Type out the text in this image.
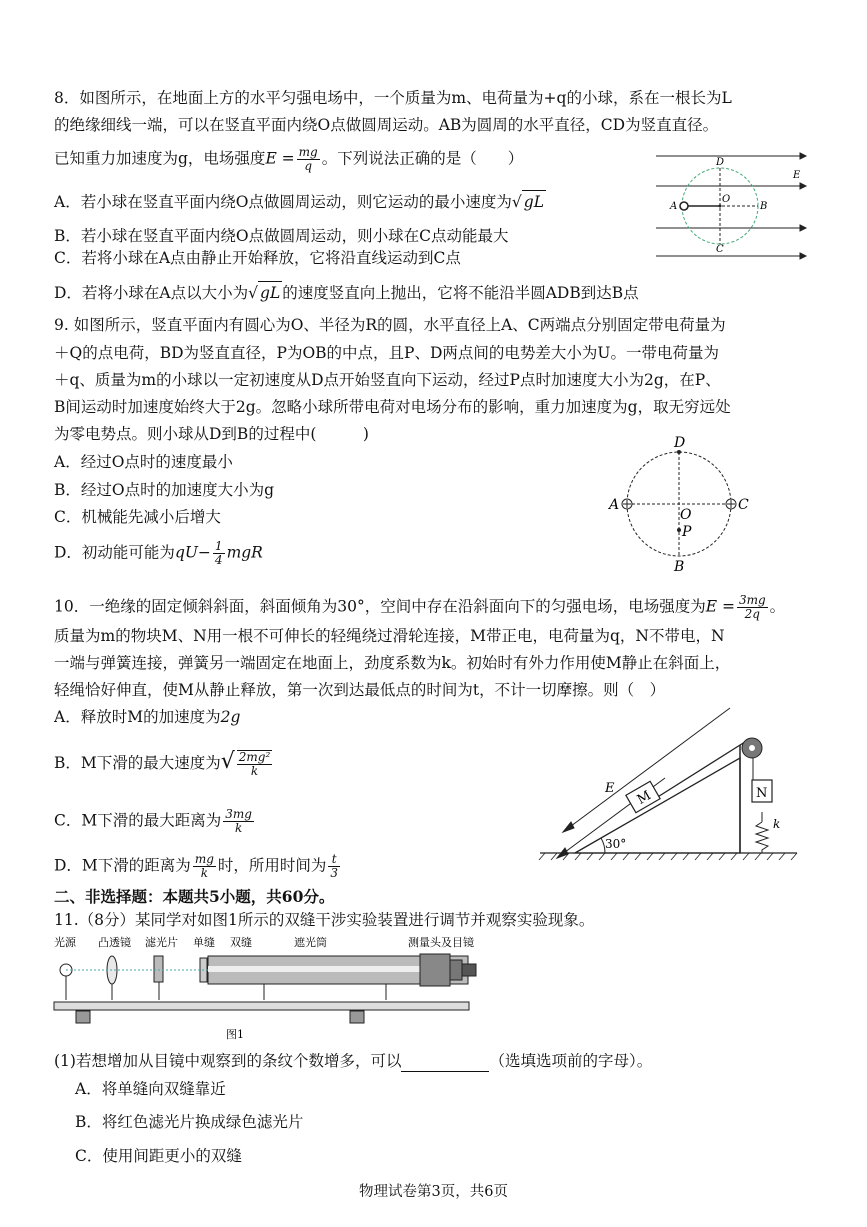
8．如图所示，在地面上方的水平匀强电场中，一个质量为m、电荷量为+q的小球，系在一根长为L
的绝缘细线一端，可以在竖直平面内绕O点做圆周运动。AB为圆周的水平直径，CD为竖直直径。
已知重力加速度为g，电场强度$E = \frac{mg}{q}$ 。下列说法正确的是（　　）
A．若小球在竖直平面内绕O点做圆周运动，则它运动的最小速度为√ gL
B．若小球在竖直平面内绕O点做圆周运动，则小球在C点动能最大
C．若将小球在A点由静止开始释放，它将沿直线运动到C点
D．若将小球在A点以大小为√ gL 的速度竖直向上抛出，它将不能沿半圆ADB到达B点
D
O
A	B
C
E
9. 如图所示，竖直平面内有圆心为O、半径为R的圆，水平直径上A、C两端点分别固定带电荷量为
＋Q的点电荷，BD为竖直直径，P为OB的中点，且P、D两点间的电势差大小为U。一带电荷量为
＋q、质量为m的小球以一定初速度从D点开始竖直向下运动，经过P点时加速度大小为2g，在P、
B间运动时加速度始终大于2g。忽略小球所带电荷对电场分布的影响，重力加速度为g，取无穷远处
为零电势点。则小球从D到B的过程中(　　　)
A．经过O点时的速度最小
B．经过O点时的加速度大小为g
C．机械能先减小后增大
D．初动能可能为$qU- \frac{1}{4}$ mgR
D
A	C
O
P
B
10．一绝缘的固定倾斜斜面，斜面倾角为30°，空间中存在沿斜面向下的匀强电场，电场强度为$E = \frac{3mg}{2q}$ 。
质量为m的物块M、N用一根不可伸长的轻绳绕过滑轮连接，M带正电，电荷量为q，N不带电，N
一端与弹簧连接，弹簧另一端固定在地面上，劲度系数为k。初始时有外力作用使M静止在斜面上，
轻绳恰好伸直，使M从静止释放，第一次到达最低点的时间为t，不计一切摩擦。则（　）
A．释放时M的加速度为2g
B．M下滑的最大速度为√ $\frac{\text{2mg²}}{k}$
C．M下滑的最大距离为 $\frac{3mg}{k}$
D．M下滑的距离为 $\frac{mg}{k}$ 时，所用时间为 $\frac{t}{3}$
M	N
k
30°
E
二、非选择题：本题共5小题，共60分。
11.（8分）某同学对如图1所示的双缝干涉实验装置进行调节并观察实验现象。
光源 凸透镜 滤光片 单缝 双缝	遮光筒	测量头及目镜
图1
(1)若想增加从目镜中观察到的条纹个数增多，可以	（选填选项前的字母）。
A．将单缝向双缝靠近
B．将红色滤光片换成绿色滤光片
C．使用间距更小的双缝
物理试卷第3页，共6页
